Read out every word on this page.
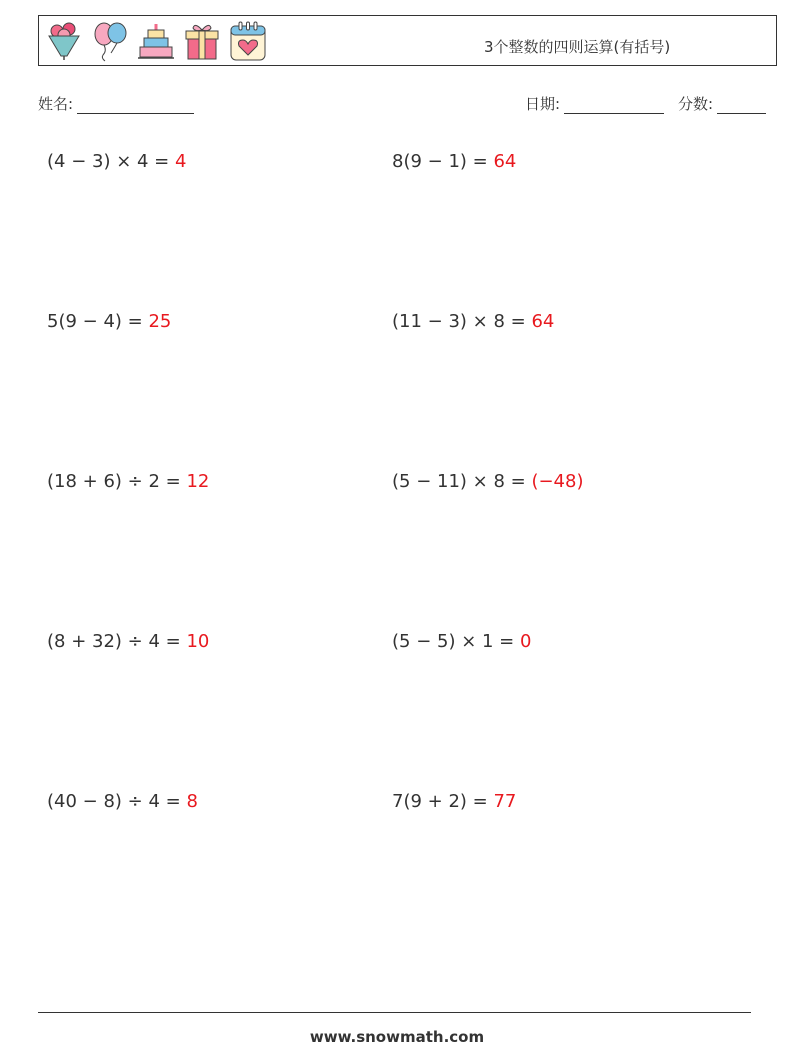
3个整数的四则运算(有括号)
姓名:	日期:	分数:
(4 − 3) × 4 = 4	8(9 − 1) = 64
5(9 − 4) = 25	(11 − 3) × 8 = 64
(18 + 6) ÷ 2 = 12	(5 − 11) × 8 = (−48)
(8 + 32) ÷ 4 = 10	(5 − 5) × 1 = 0
(40 − 8) ÷ 4 = 8	7(9 + 2) = 77
www.snowmath.com
